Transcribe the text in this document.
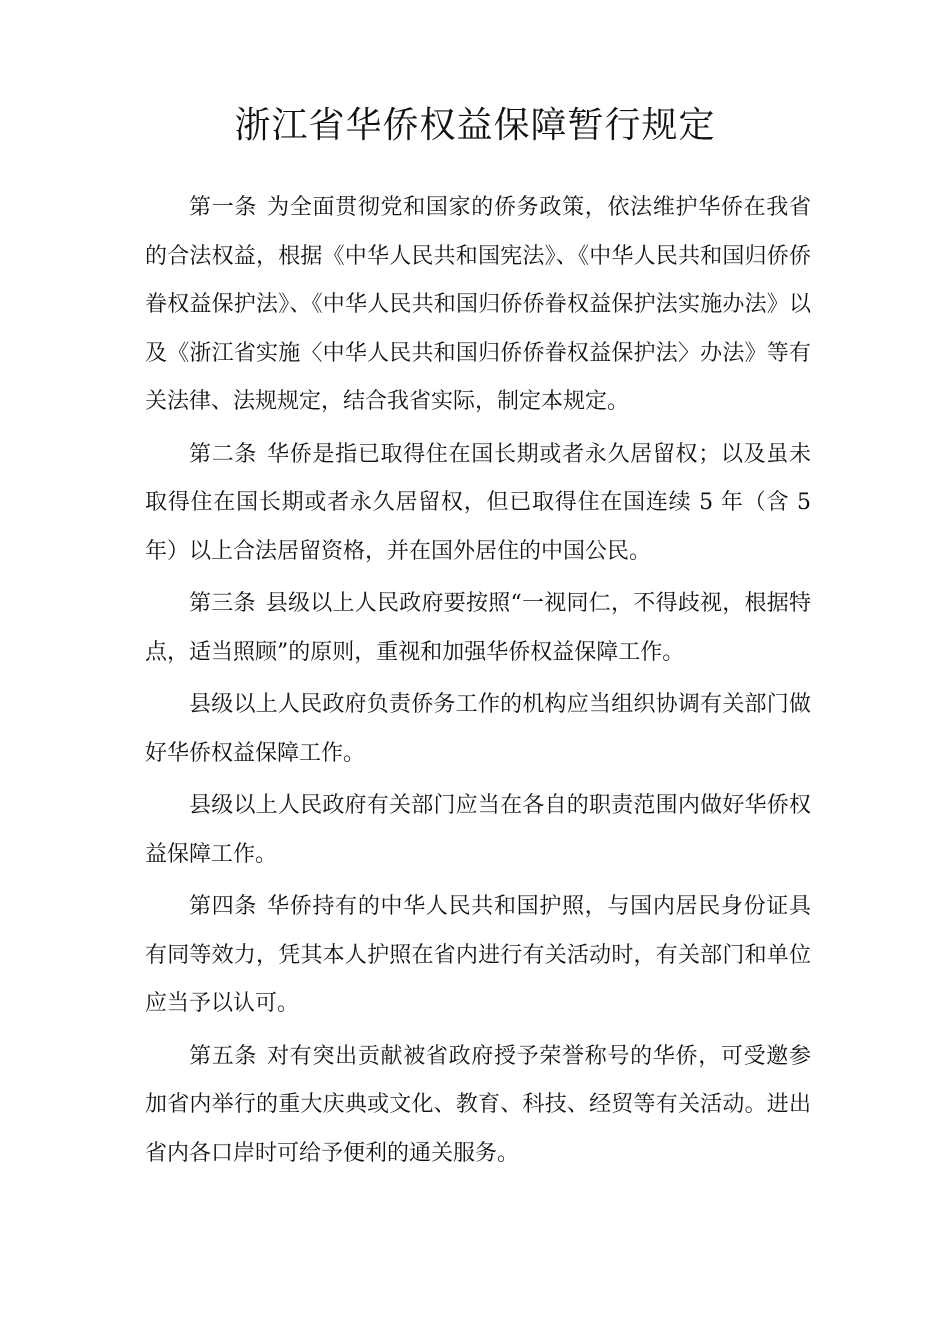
浙江省华侨权益保障暂行规定

第一条 为全面贯彻党和国家的侨务政策，依法维护华侨在我省的合法权益，根据《中华人民共和国宪法》、《中华人民共和国归侨侨眷权益保护法》、《中华人民共和国归侨侨眷权益保护法实施办法》以及《浙江省实施〈中华人民共和国归侨侨眷权益保护法〉办法》等有关法律、法规规定，结合我省实际，制定本规定。

第二条 华侨是指已取得住在国长期或者永久居留权；以及虽未取得住在国长期或者永久居留权，但已取得住在国连续 5 年（含 5 年）以上合法居留资格，并在国外居住的中国公民。

第三条 县级以上人民政府要按照“一视同仁，不得歧视，根据特点，适当照顾”的原则，重视和加强华侨权益保障工作。

县级以上人民政府负责侨务工作的机构应当组织协调有关部门做好华侨权益保障工作。

县级以上人民政府有关部门应当在各自的职责范围内做好华侨权益保障工作。

第四条 华侨持有的中华人民共和国护照，与国内居民身份证具有同等效力，凭其本人护照在省内进行有关活动时，有关部门和单位应当予以认可。

第五条 对有突出贡献被省政府授予荣誉称号的华侨，可受邀参加省内举行的重大庆典或文化、教育、科技、经贸等有关活动。进出省内各口岸时可给予便利的通关服务。
